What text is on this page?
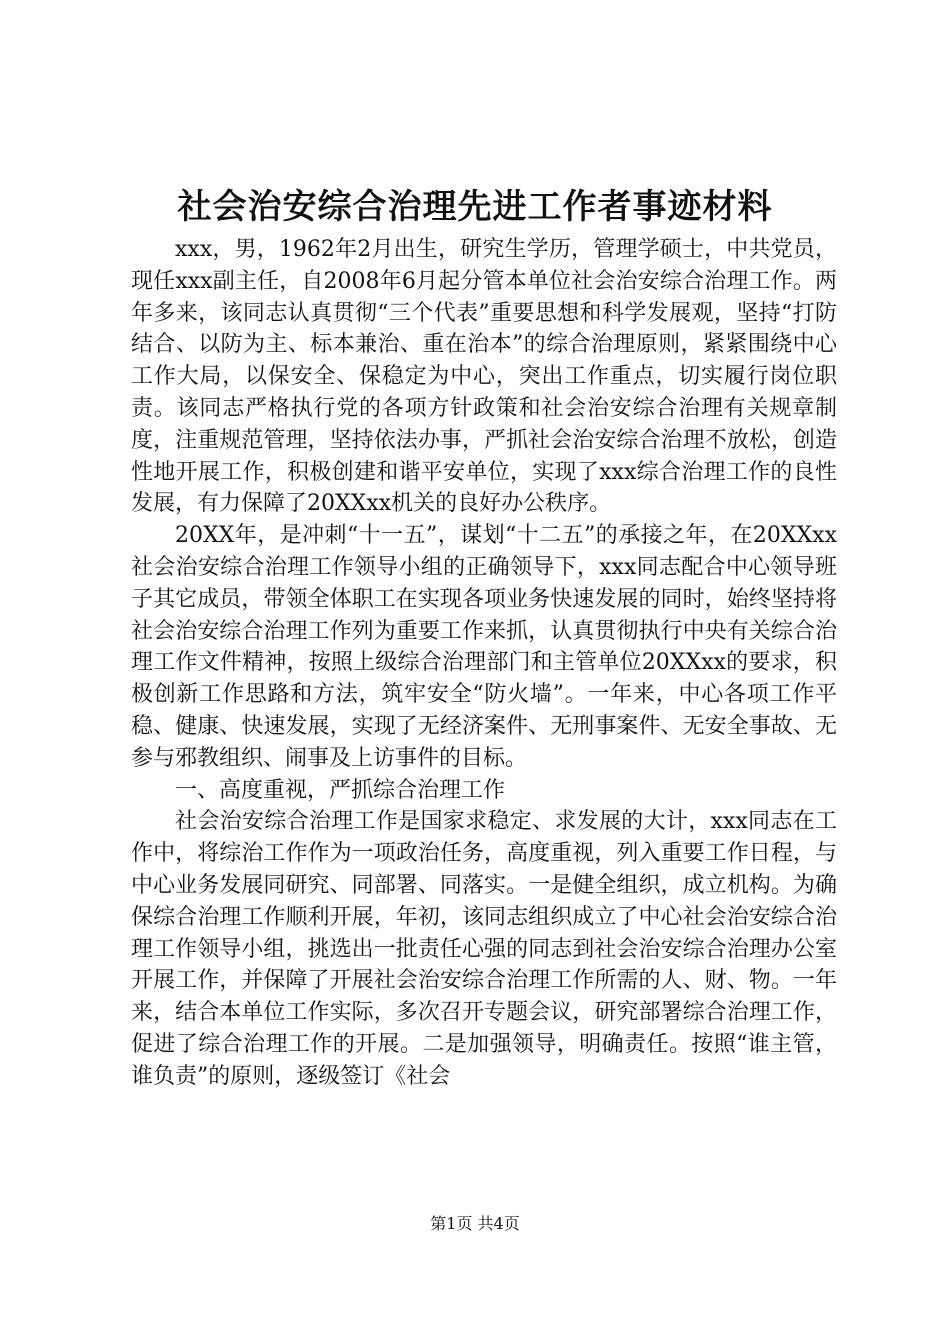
社会治安综合治理先进工作者事迹材料

xxx，男，1962年2月出生，研究生学历，管理学硕士，中共党员，现任xxx副主任，自2008年6月起分管本单位社会治安综合治理工作。两年多来，该同志认真贯彻“三个代表”重要思想和科学发展观，坚持“打防结合、以防为主、标本兼治、重在治本”的综合治理原则，紧紧围绕中心工作大局，以保安全、保稳定为中心，突出工作重点，切实履行岗位职责。该同志严格执行党的各项方针政策和社会治安综合治理有关规章制度，注重规范管理，坚持依法办事，严抓社会治安综合治理不放松，创造性地开展工作，积极创建和谐平安单位，实现了xxx综合治理工作的良性发展，有力保障了20XXxx机关的良好办公秩序。

20XX年，是冲刺“十一五”，谋划“十二五”的承接之年，在20XXxx社会治安综合治理工作领导小组的正确领导下，xxx同志配合中心领导班子其它成员，带领全体职工在实现各项业务快速发展的同时，始终坚持将社会治安综合治理工作列为重要工作来抓，认真贯彻执行中央有关综合治理工作文件精神，按照上级综合治理部门和主管单位20XXxx的要求，积极创新工作思路和方法，筑牢安全“防火墙”。一年来，中心各项工作平稳、健康、快速发展，实现了无经济案件、无刑事案件、无安全事故、无参与邪教组织、闹事及上访事件的目标。

一、高度重视，严抓综合治理工作

社会治安综合治理工作是国家求稳定、求发展的大计，xxx同志在工作中，将综治工作作为一项政治任务，高度重视，列入重要工作日程，与中心业务发展同研究、同部署、同落实。一是健全组织，成立机构。为确保综合治理工作顺利开展，年初，该同志组织成立了中心社会治安综合治理工作领导小组，挑选出一批责任心强的同志到社会治安综合治理办公室开展工作，并保障了开展社会治安综合治理工作所需的人、财、物。一年来，结合本单位工作实际，多次召开专题会议，研究部署综合治理工作，促进了综合治理工作的开展。二是加强领导，明确责任。按照“谁主管，谁负责”的原则，逐级签订《社会

第1页 共4页
